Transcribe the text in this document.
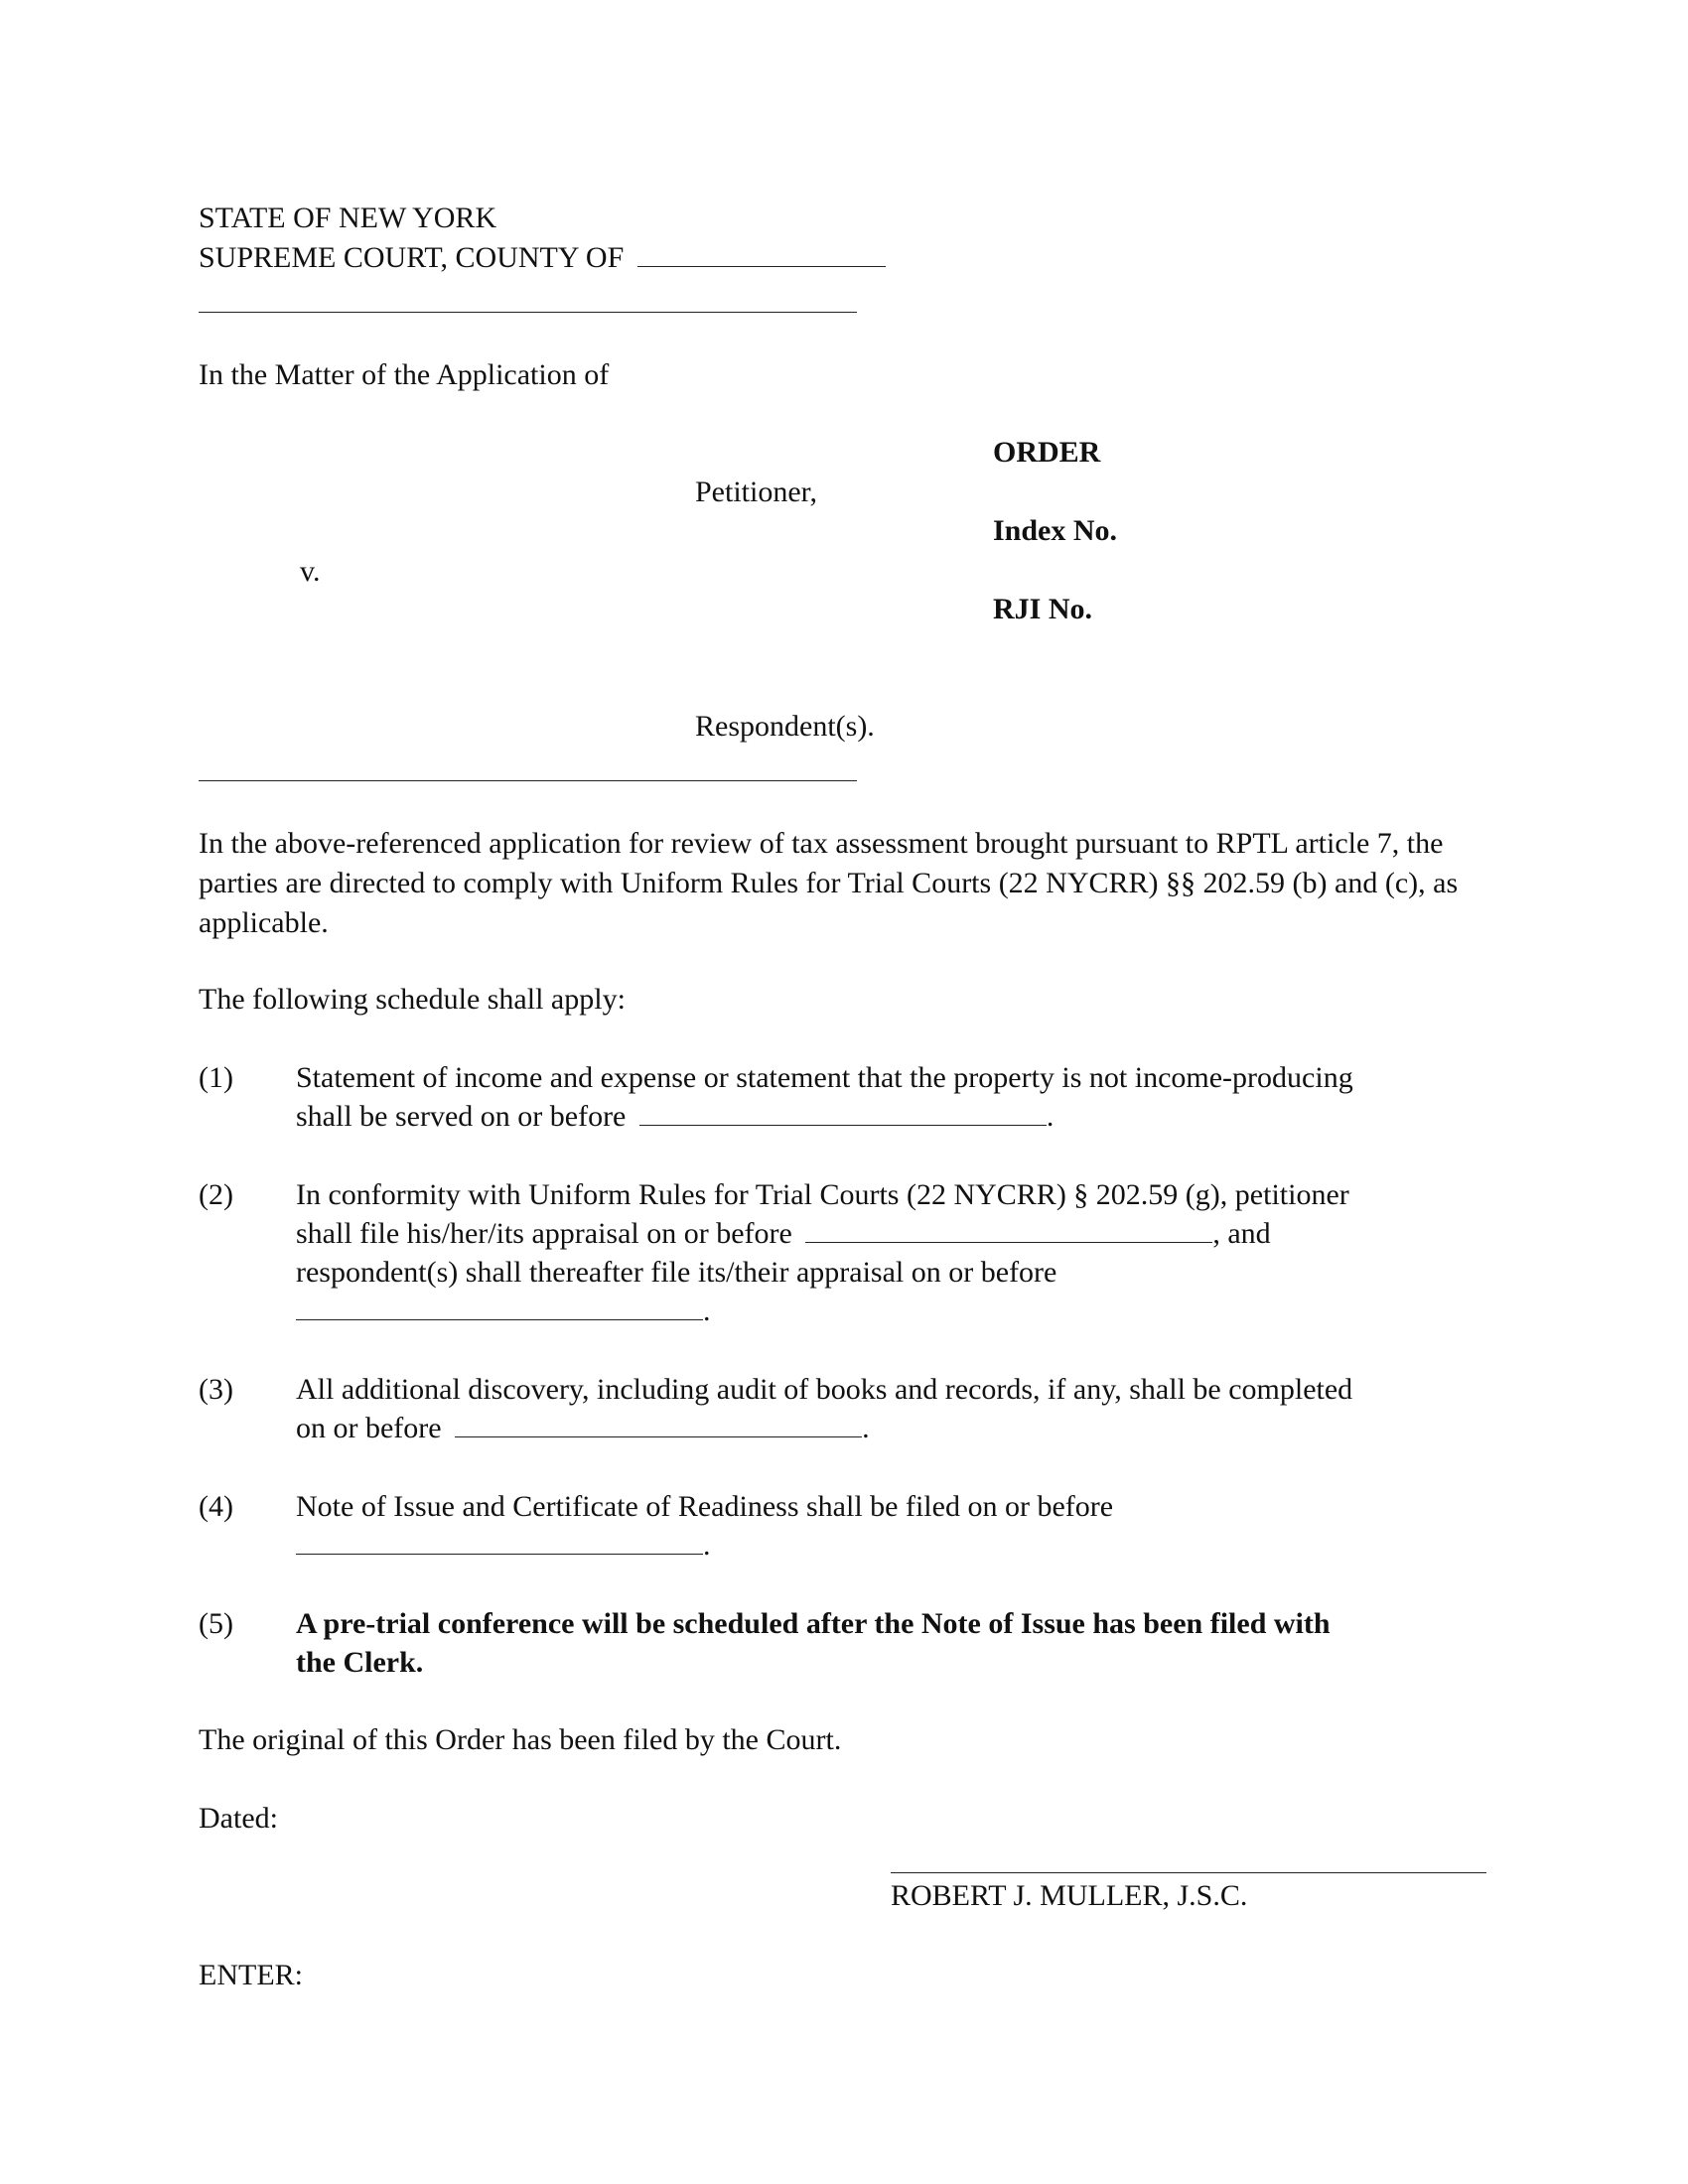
STATE OF NEW YORK
SUPREME COURT, COUNTY OF
In the Matter of the Application of
ORDER
Petitioner,
Index No.
v.
RJI No.
Respondent(s).
In the above-referenced application for review of tax assessment brought pursuant to RPTL article 7, the parties are directed to comply with Uniform Rules for Trial Courts (22 NYCRR) §§ 202.59 (b) and (c), as applicable.
The following schedule shall apply:
(1) Statement of income and expense or statement that the property is not income-producing
shall be served on or before	.
(2) In conformity with Uniform Rules for Trial Courts (22 NYCRR) § 202.59 (g), petitioner
shall file his/her/its appraisal on or before	, and
respondent(s) shall thereafter file its/their appraisal on or before
.
(3) All additional discovery, including audit of books and records, if any, shall be completed
on or before	.
(4) Note of Issue and Certificate of Readiness shall be filed on or before
.
(5) A pre-trial conference will be scheduled after the Note of Issue has been filed with
the Clerk.
The original of this Order has been filed by the Court.
Dated:
ROBERT J. MULLER, J.S.C.
ENTER:
